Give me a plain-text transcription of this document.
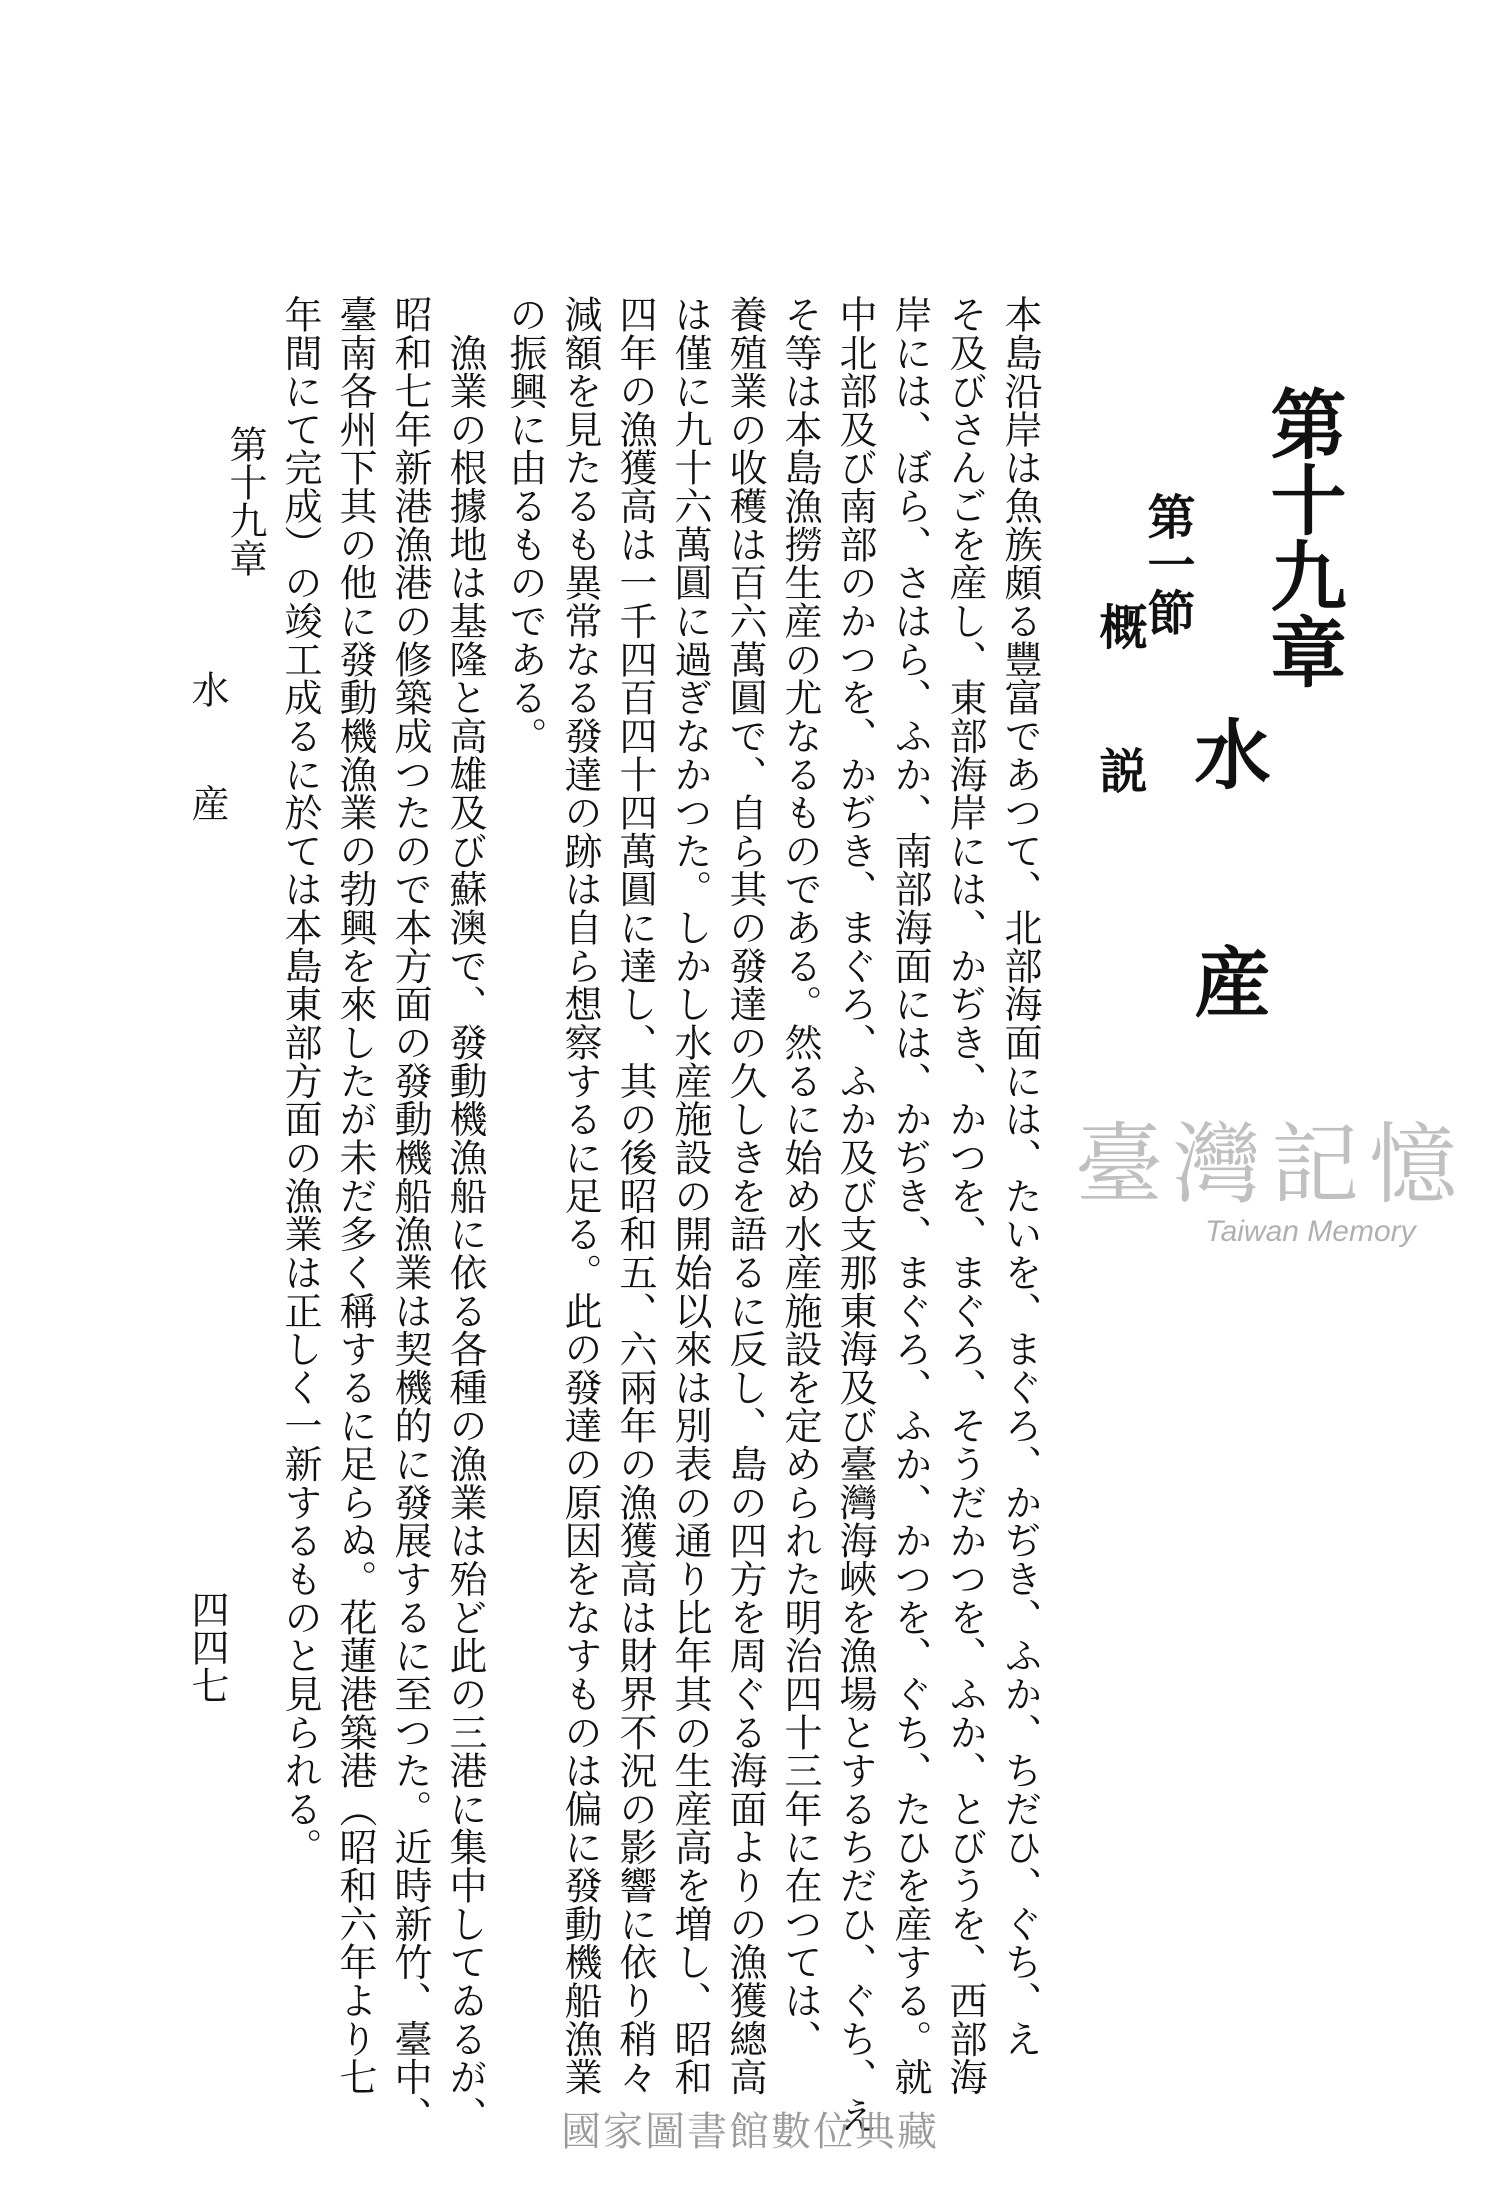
第十九章
水　　産
第一節
概　　説
本島沿岸は魚族頗る豐富であつて、北部海面には、たいを、まぐろ、かぢき、ふか、ちだひ、ぐち、え
そ及びさんごを産し、東部海岸には、かぢき、かつを、まぐろ、そうだかつを、ふか、とびうを、西部海
岸には、ぼら、さはら、ふか、南部海面には、かぢき、まぐろ、ふか、かつを、ぐち、たひを産する。就
中北部及び南部のかつを、かぢき、まぐろ、ふか及び支那東海及び臺灣海峽を漁場とするちだひ、ぐち、え
そ等は本島漁撈生産の尤なるものである。然るに始め水産施設を定められた明治四十三年に在つては、
養殖業の收穫は百六萬圓で、自ら其の發達の久しきを語るに反し、島の四方を周ぐる海面よりの漁獲總高
は僅に九十六萬圓に過ぎなかつた。しかし水産施設の開始以來は別表の通り比年其の生産高を増し、昭和
四年の漁獲高は一千四百四十四萬圓に達し、其の後昭和五、六兩年の漁獲高は財界不況の影響に依り稍々
減額を見たるも異常なる發達の跡は自ら想察するに足る。此の發達の原因をなすものは偏に發動機船漁業
の振興に由るものである。
　漁業の根據地は基隆と高雄及び蘇澳で、發動機漁船に依る各種の漁業は殆ど此の三港に集中してゐるが、
昭和七年新港漁港の修築成つたので本方面の發動機船漁業は契機的に發展するに至つた。近時新竹、臺中、
臺南各州下其の他に發動機漁業の勃興を來したが未だ多く稱するに足らぬ。花蓮港築港（昭和六年より七
年間にて完成）の竣工成るに於ては本島東部方面の漁業は正しく一新するものと見られる。
第十九章
水　　産
四四七
臺灣記憶
Taiwan Memory
國家圖書館數位典藏
